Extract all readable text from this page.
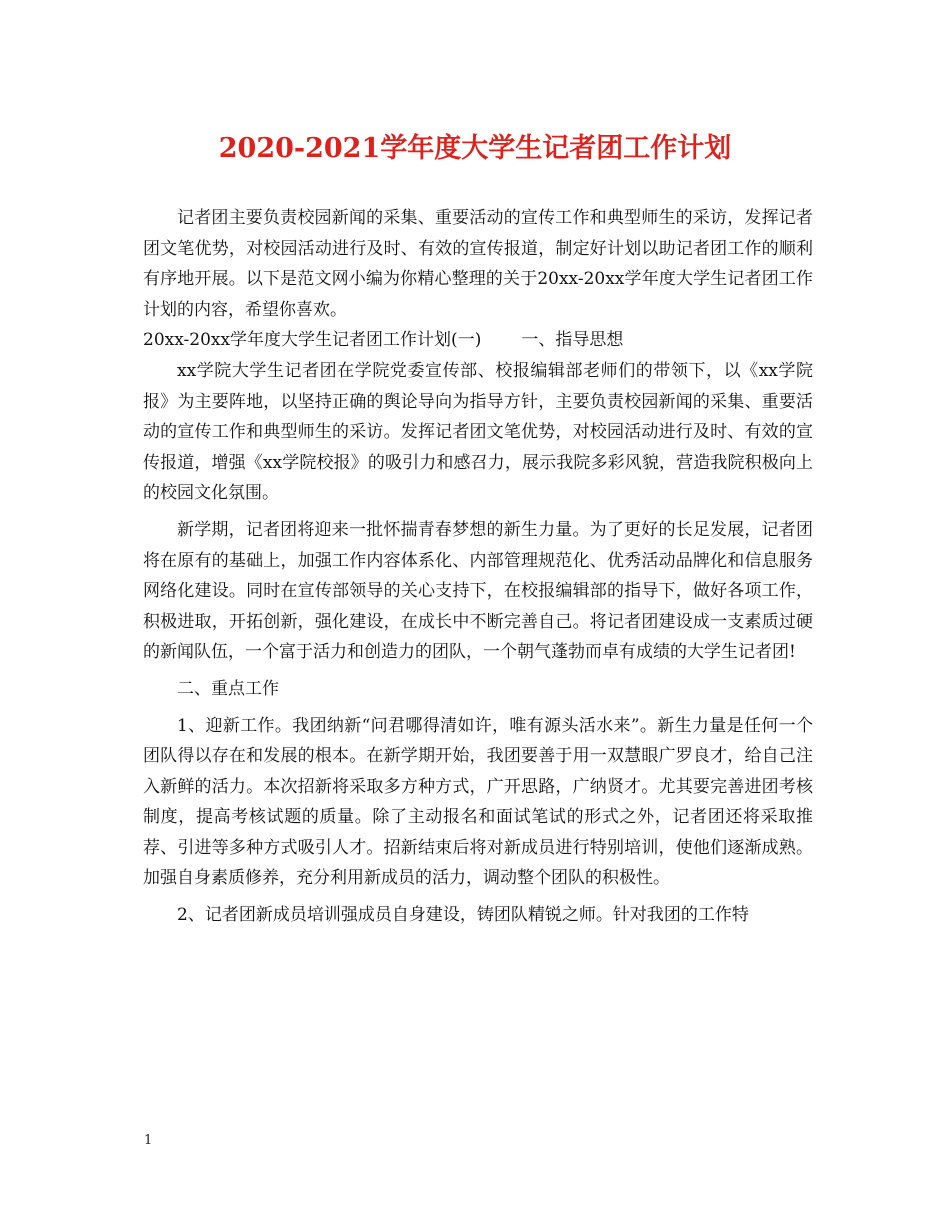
2020-2021学年度大学生记者团工作计划

记者团主要负责校园新闻的采集、重要活动的宣传工作和典型师生的采访，发挥记者团文笔优势，对校园活动进行及时、有效的宣传报道，制定好计划以助记者团工作的顺利有序地开展。以下是范文网小编为你精心整理的关于20xx-20xx学年度大学生记者团工作计划的内容，希望你喜欢。

20xx-20xx学年度大学生记者团工作计划(一) 一、指导思想

xx学院大学生记者团在学院党委宣传部、校报编辑部老师们的带领下，以《xx学院报》为主要阵地，以坚持正确的舆论导向为指导方针，主要负责校园新闻的采集、重要活动的宣传工作和典型师生的采访。发挥记者团文笔优势，对校园活动进行及时、有效的宣传报道，增强《xx学院校报》的吸引力和感召力，展示我院多彩风貌，营造我院积极向上的校园文化氛围。

新学期，记者团将迎来一批怀揣青春梦想的新生力量。为了更好的长足发展，记者团将在原有的基础上，加强工作内容体系化、内部管理规范化、优秀活动品牌化和信息服务网络化建设。同时在宣传部领导的关心支持下，在校报编辑部的指导下，做好各项工作，积极进取，开拓创新，强化建设，在成长中不断完善自己。将记者团建设成一支素质过硬的新闻队伍，一个富于活力和创造力的团队，一个朝气蓬勃而卓有成绩的大学生记者团!

二、重点工作

1、迎新工作。我团纳新“问君哪得清如许，唯有源头活水来”。新生力量是任何一个团队得以存在和发展的根本。在新学期开始，我团要善于用一双慧眼广罗良才，给自己注入新鲜的活力。本次招新将采取多方种方式，广开思路，广纳贤才。尤其要完善进团考核制度，提高考核试题的质量。除了主动报名和面试笔试的形式之外，记者团还将采取推荐、引进等多种方式吸引人才。招新结束后将对新成员进行特别培训，使他们逐渐成熟。加强自身素质修养，充分利用新成员的活力，调动整个团队的积极性。

2、记者团新成员培训强成员自身建设，铸团队精锐之师。针对我团的工作特

1
